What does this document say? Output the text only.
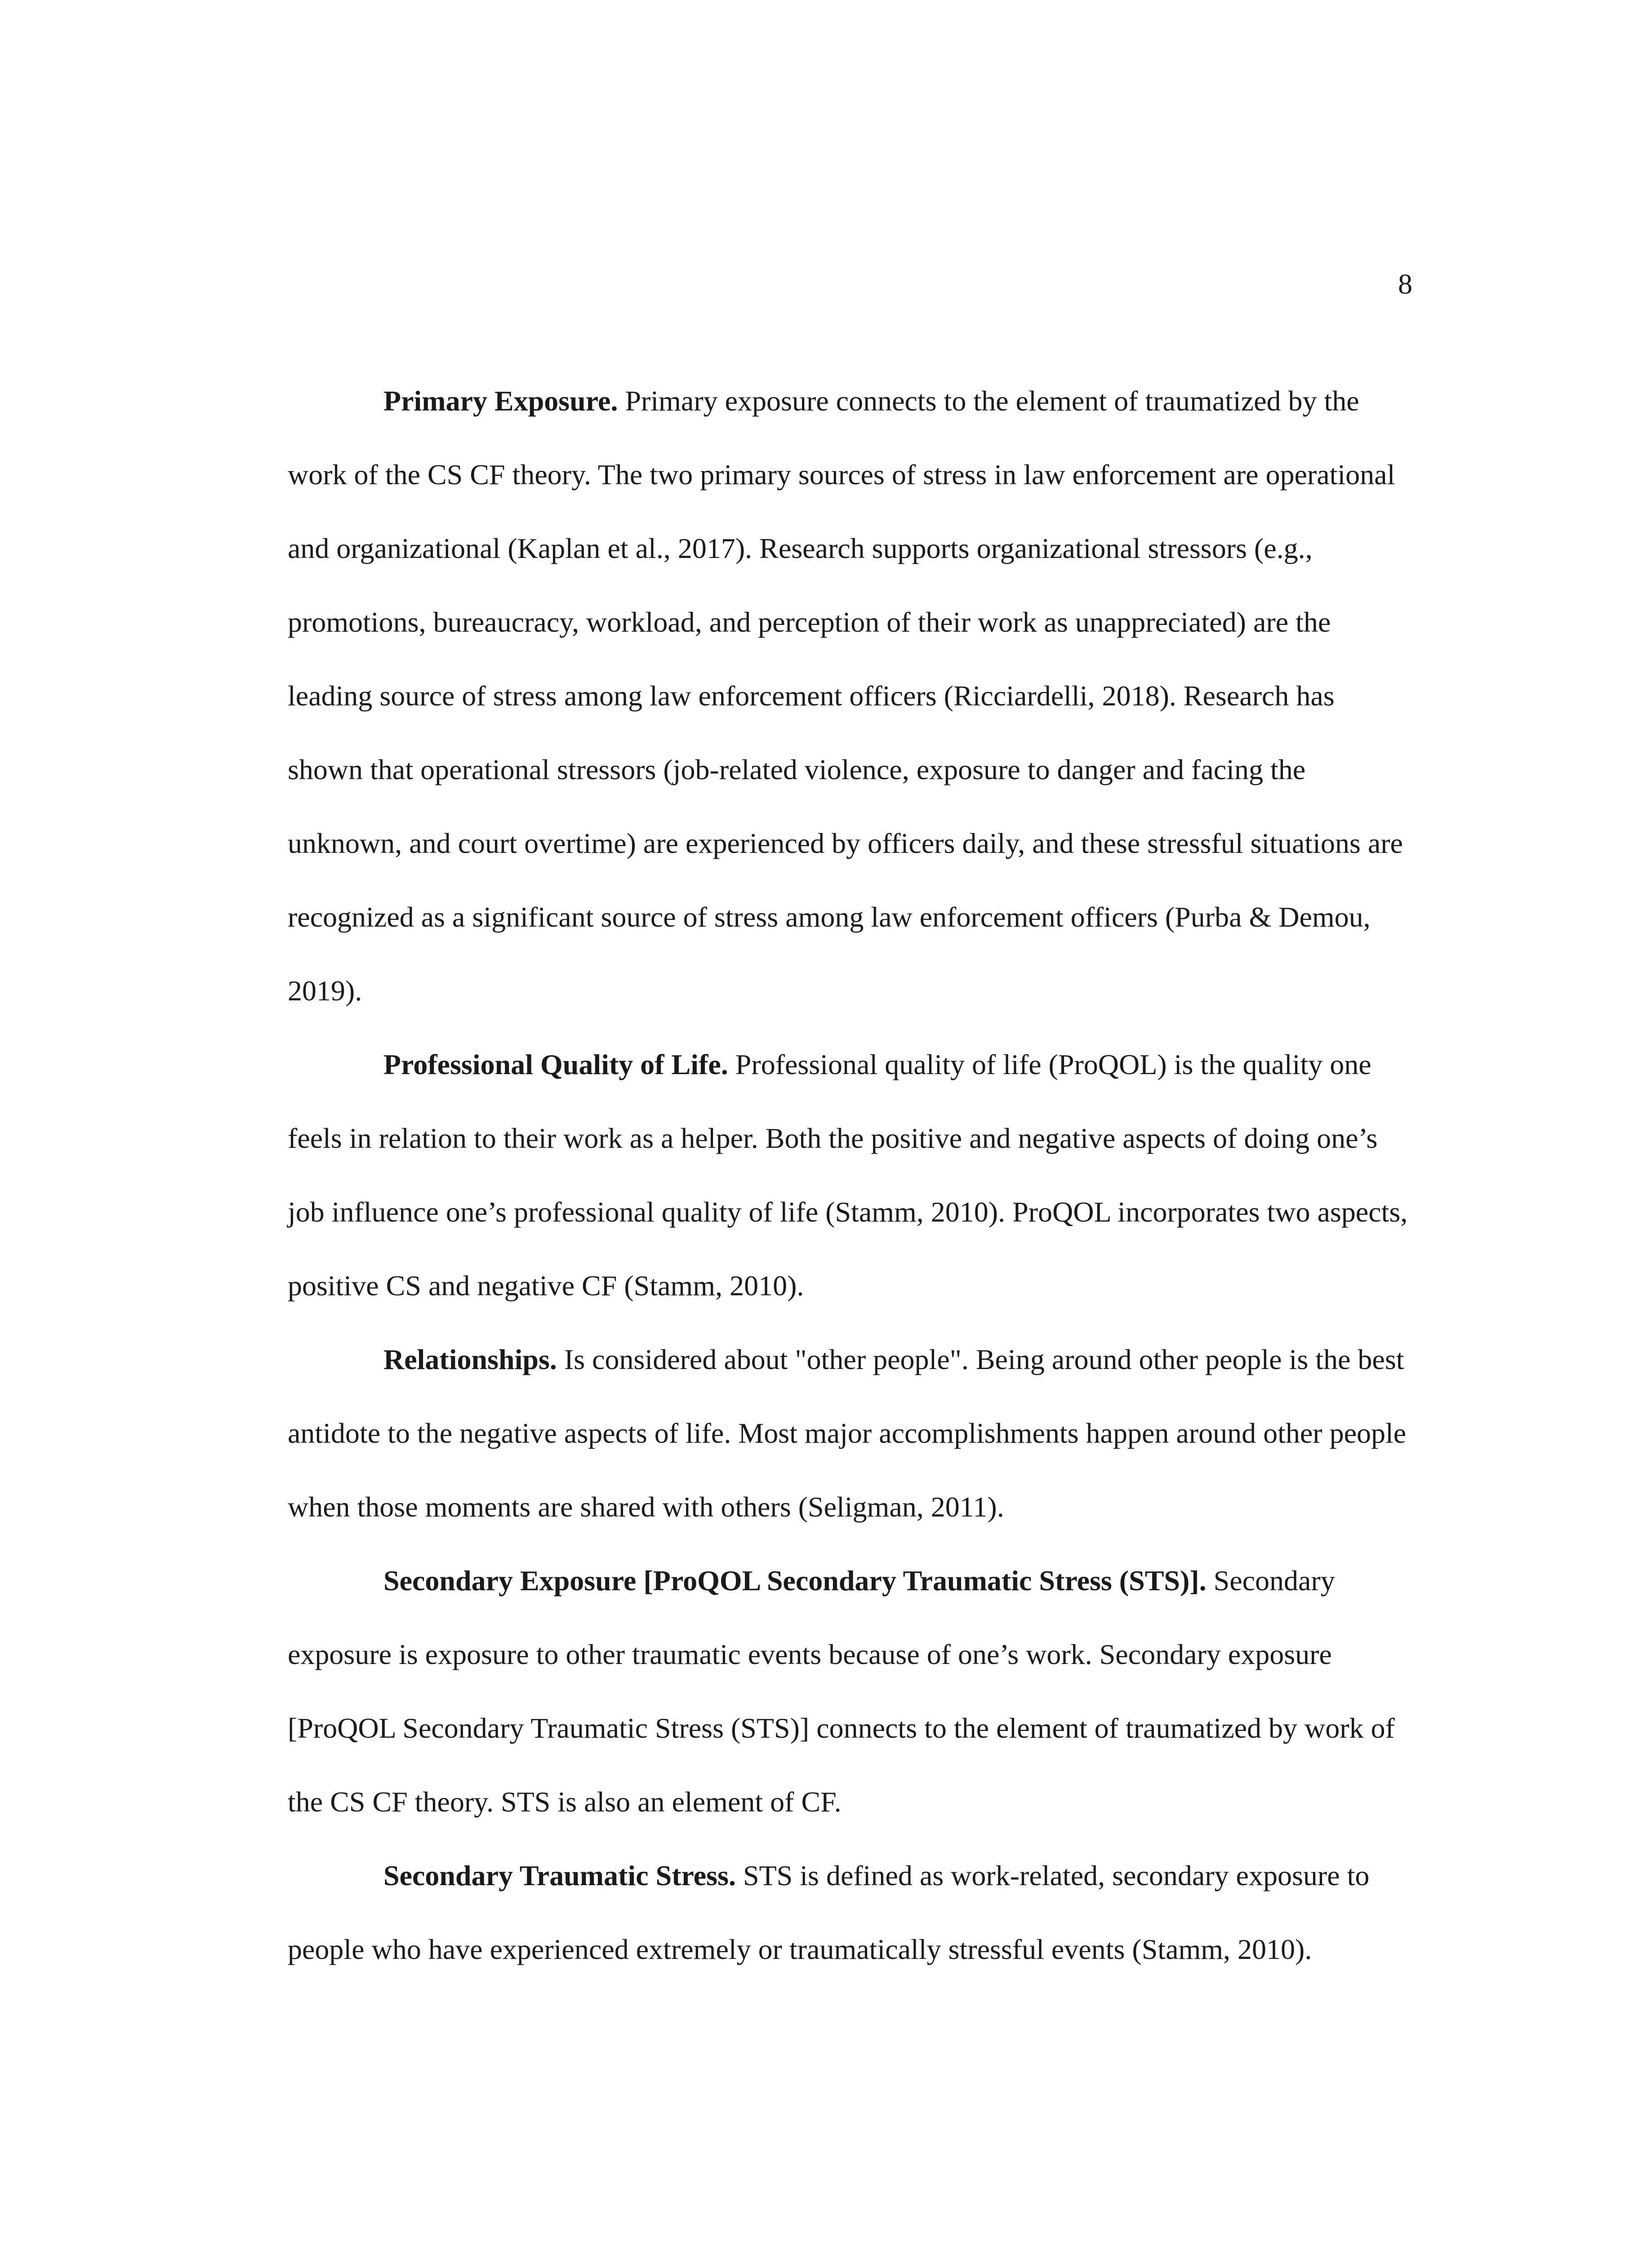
8

Primary Exposure. Primary exposure connects to the element of traumatized by the work of the CS CF theory. The two primary sources of stress in law enforcement are operational and organizational (Kaplan et al., 2017). Research supports organizational stressors (e.g., promotions, bureaucracy, workload, and perception of their work as unappreciated) are the leading source of stress among law enforcement officers (Ricciardelli, 2018). Research has shown that operational stressors (job-related violence, exposure to danger and facing the unknown, and court overtime) are experienced by officers daily, and these stressful situations are recognized as a significant source of stress among law enforcement officers (Purba & Demou, 2019).

Professional Quality of Life. Professional quality of life (ProQOL) is the quality one feels in relation to their work as a helper. Both the positive and negative aspects of doing one’s job influence one’s professional quality of life (Stamm, 2010). ProQOL incorporates two aspects, positive CS and negative CF (Stamm, 2010).

Relationships. Is considered about "other people". Being around other people is the best antidote to the negative aspects of life. Most major accomplishments happen around other people when those moments are shared with others (Seligman, 2011).

Secondary Exposure [ProQOL Secondary Traumatic Stress (STS)]. Secondary exposure is exposure to other traumatic events because of one’s work. Secondary exposure [ProQOL Secondary Traumatic Stress (STS)] connects to the element of traumatized by work of the CS CF theory. STS is also an element of CF.

Secondary Traumatic Stress. STS is defined as work-related, secondary exposure to people who have experienced extremely or traumatically stressful events (Stamm, 2010).
